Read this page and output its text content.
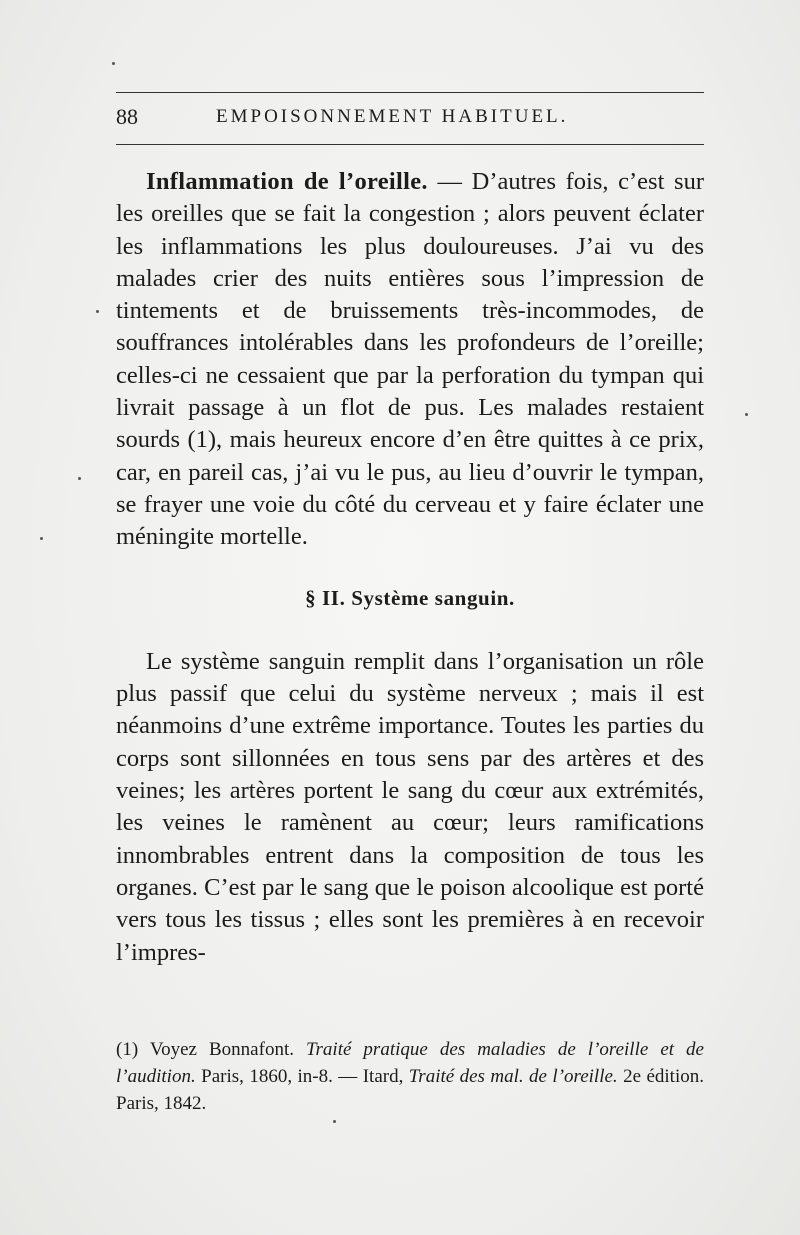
88	EMPOISONNEMENT HABITUEL.

Inflammation de l’oreille. — D’autres fois, c’est sur les oreilles que se fait la congestion ; alors peuvent éclater les inflammations les plus douloureuses. J’ai vu des malades crier des nuits entières sous l’impression de tintements et de bruissements très-incommodes, de souffrances intolérables dans les profondeurs de l’oreille; celles-ci ne cessaient que par la perforation du tympan qui livrait passage à un flot de pus. Les malades restaient sourds (1), mais heureux encore d’en être quittes à ce prix, car, en pareil cas, j’ai vu le pus, au lieu d’ouvrir le tympan, se frayer une voie du côté du cerveau et y faire éclater une méningite mortelle.

§ II. Système sanguin.

Le système sanguin remplit dans l’organisation un rôle plus passif que celui du système nerveux ; mais il est néanmoins d’une extrême importance. Toutes les parties du corps sont sillonnées en tous sens par des artères et des veines; les artères portent le sang du cœur aux extrémités, les veines le ramènent au cœur; leurs ramifications innombrables entrent dans la composition de tous les organes. C’est par le sang que le poison alcoolique est porté vers tous les tissus ; elles sont les premières à en recevoir l’impres-

(1) Voyez Bonnafont. Traité pratique des maladies de l’oreille et de l’audition. Paris, 1860, in-8. — Itard, Traité des mal. de l’oreille. 2e édition. Paris, 1842.
